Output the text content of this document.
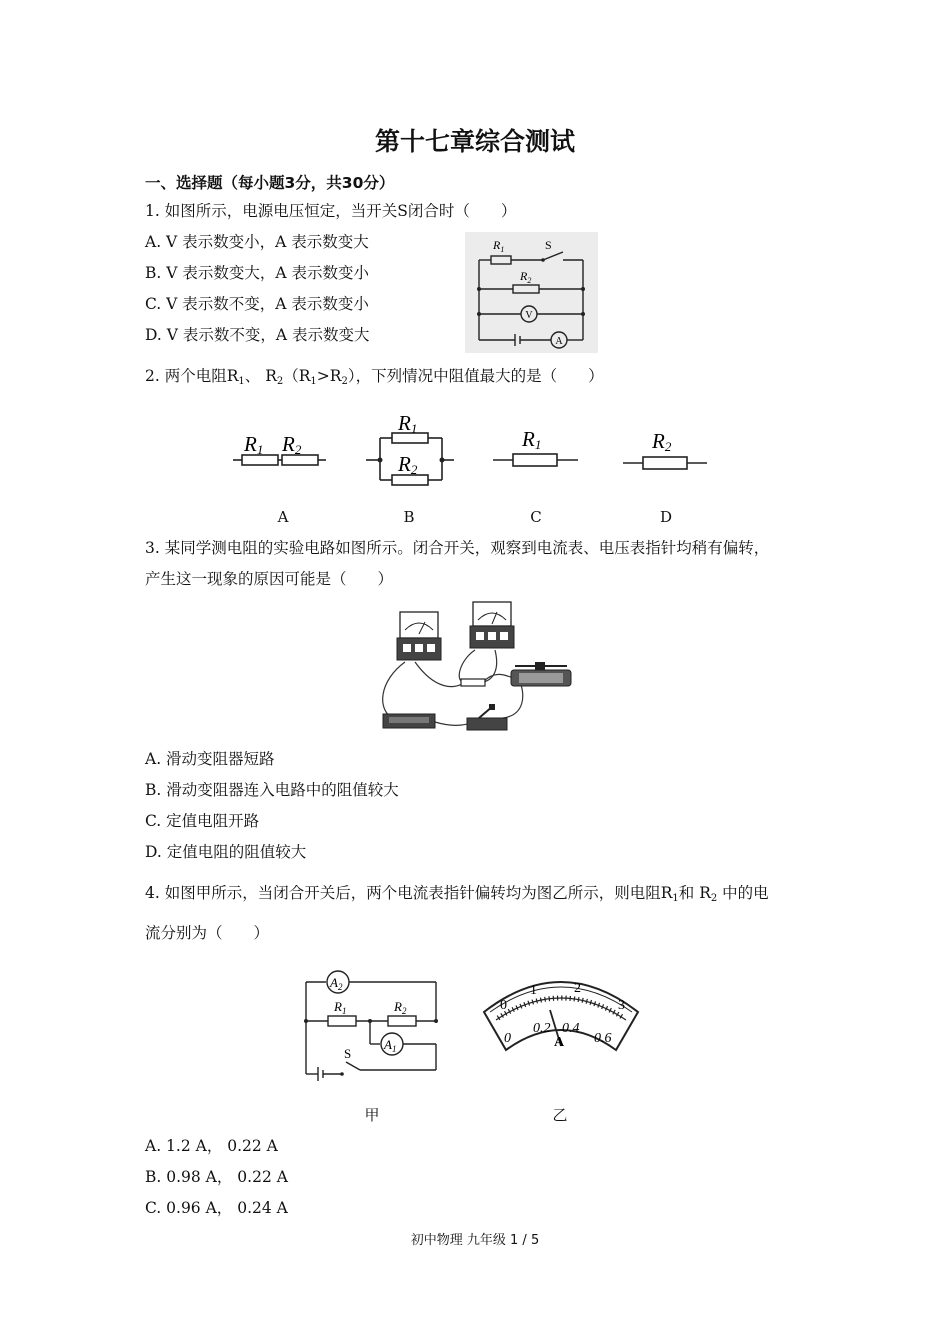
第十七章综合测试
一、选择题（每小题3分，共30分）
1. 如图所示，电源电压恒定，当开关S闭合时（　　）
A. V 表示数变小，A 表示数变大
B. V 表示数变大，A 表示数变小
C. V 表示数不变，A 表示数变小
D. V 表示数不变，A 表示数变大
$R_1$	S
$R_2$
V
A
2. 两个电阻$R_1$、 $R_2(R_1>R_2)$，下列情况中阻值最大的是（　　）
R1 R2
R1
R2
R1	R2
A	B	C	D
3. 某同学测电阻的实验电路如图所示。闭合开关，观察到电流表、电压表指针均稍有偏转，
产生这一现象的原因可能是（　　）
A. 滑动变阻器短路
B. 滑动变阻器连入电路中的阻值较大
C. 定值电阻开路
D. 定值电阻的阻值较大
4. 如图甲所示，当闭合开关后，两个电流表指针偏转均为图乙所示，则电阻$R_1$和 $R_2$ 中的电
流分别为（　　）
$A_2$
$A_1$
$R_1$	$R_2$
S
0
1	2
3
0
0.2 0.4
0.6
A
甲	乙
A. 1.2 A， 0.22 A
B. 0.98 A， 0.22 A
C. 0.96 A， 0.24 A
初中物理 九年级 1 / 5
